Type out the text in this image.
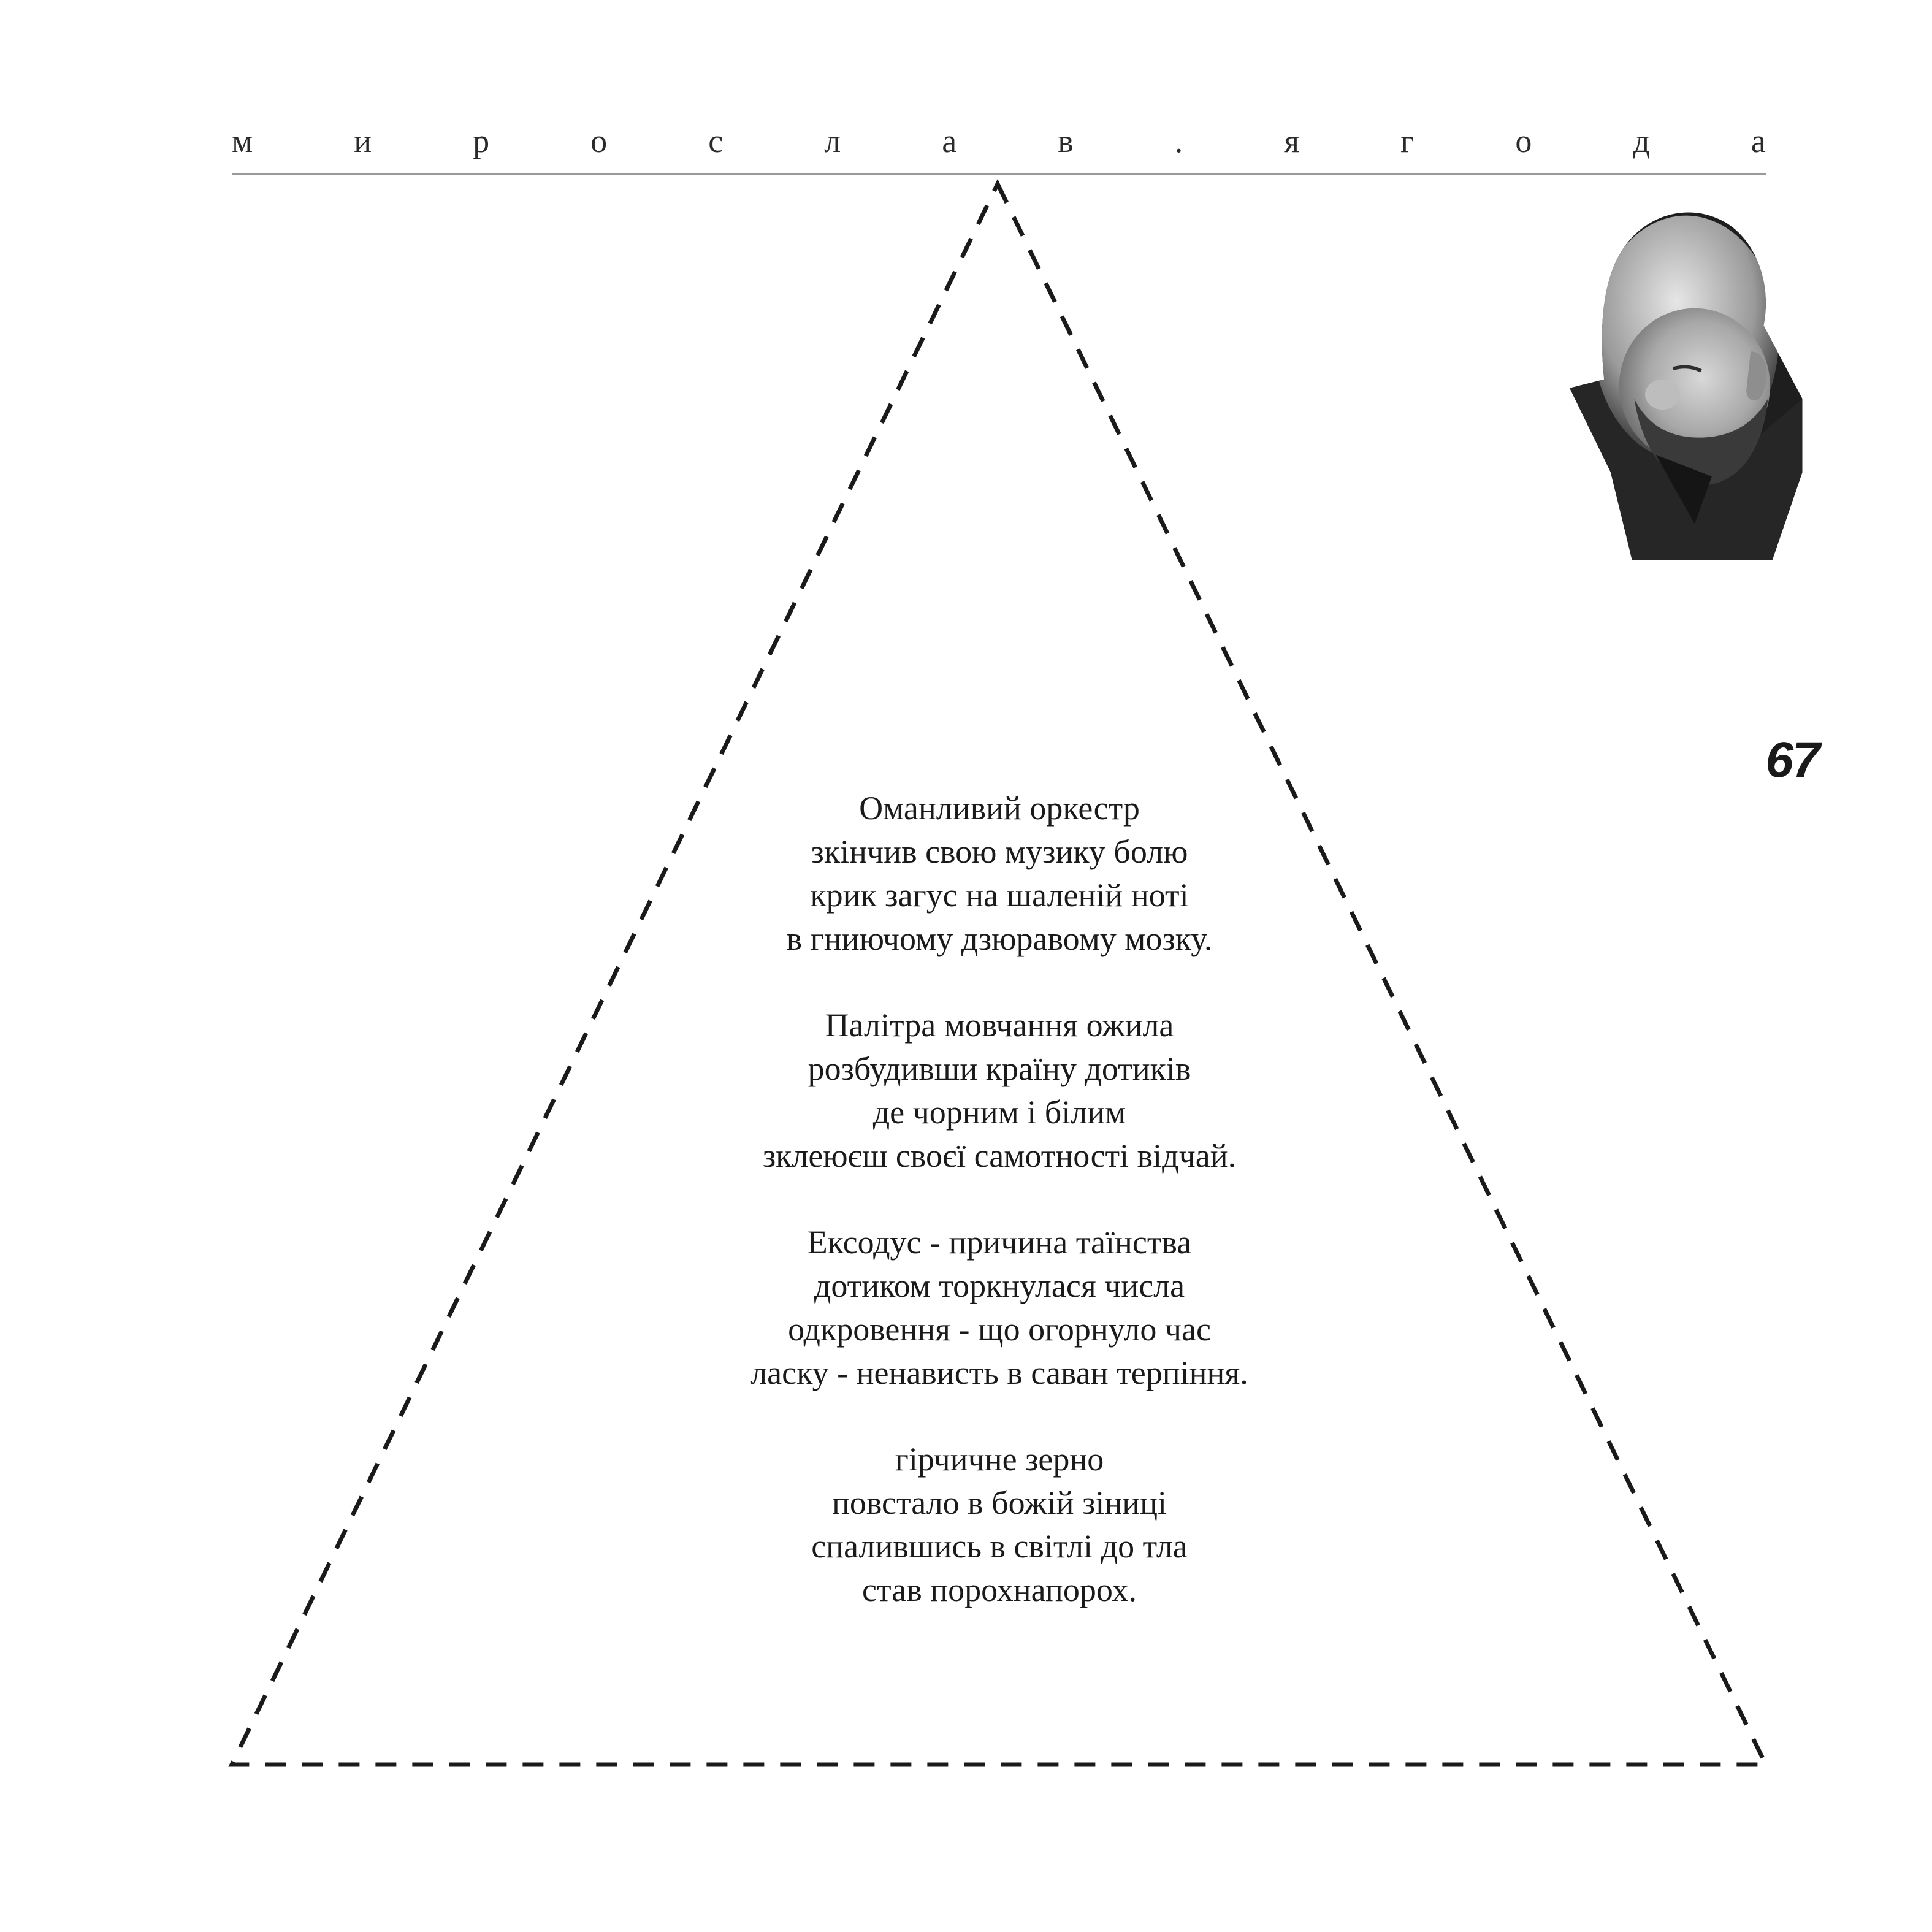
м	и	р	о	с	л	а	в	.	я	г	о	д	а
67
Оманливий оркестр
зкінчив свою музику болю
крик загус на шаленій ноті
в гниючому дзюравому мозку.
Палітра мовчання ожила
розбудивши країну дотиків
де чорним і білим
зклеюєш своєї самотності відчай.
Ексодус - причина таїнства
дотиком торкнулася числа
одкровення - що огорнуло час
ласку - ненависть в саван терпіння.
гірчичне зерно
повстало в божій зіниці
спалившись в світлі до тла
став порохнапорох.
